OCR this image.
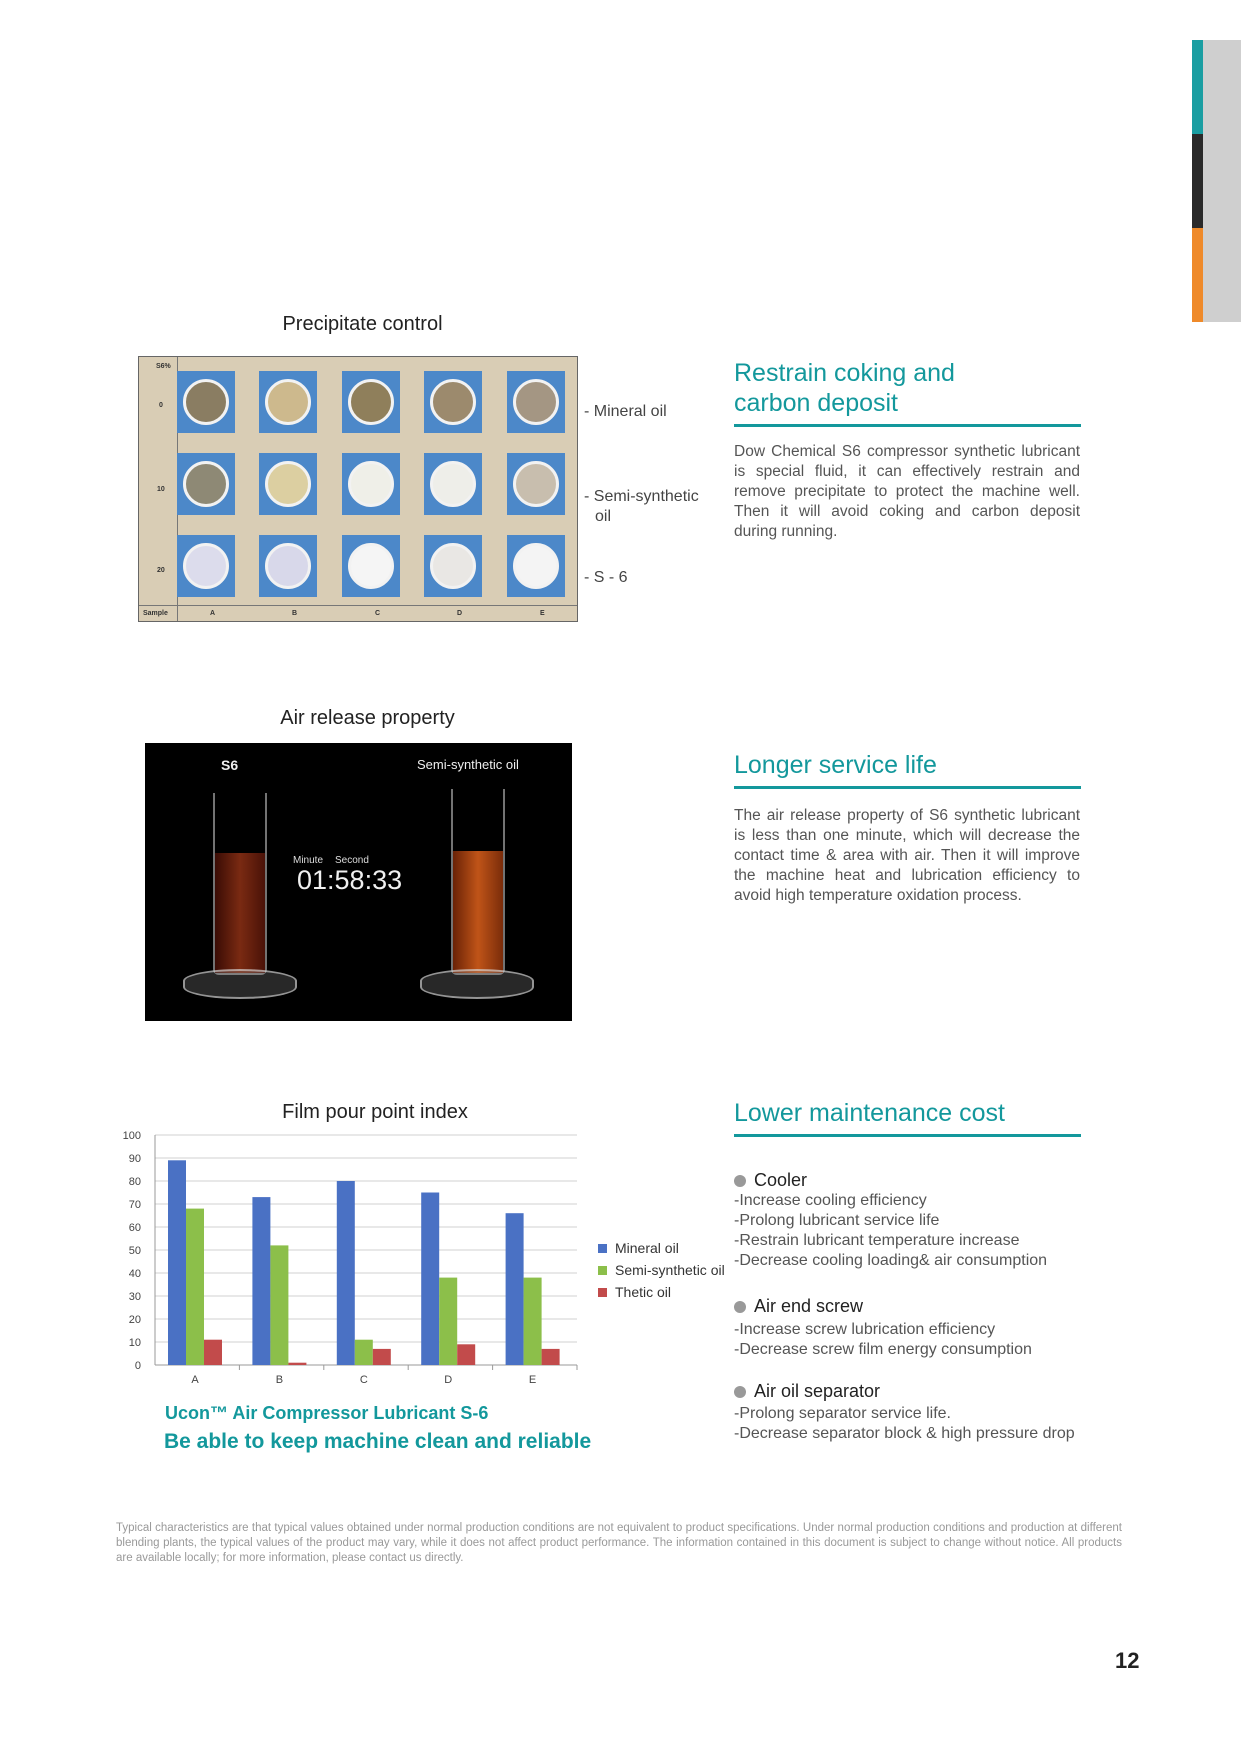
Precipitate control
S6%
0
10
20
Sample	A	B	C	D	E
- Mineral oil
- Semi-synthetic
oil
- S - 6
Restrain coking and
carbon deposit
Dow Chemical S6 compressor synthetic lubricant is special fluid, it can effectively restrain and remove precipitate to protect the machine well. Then it will avoid coking and carbon deposit during running.
Air release property
S6	Semi-synthetic oil
Minute Second
01:58:33
Longer service life
The air release property of S6 synthetic lubricant is less than one minute, which will decrease the contact time & area with air. Then it will improve the machine heat and lubrication efficiency to avoid high temperature oxidation process.
Film pour point index
0
10
20
30
40
50
60
70
80
90
100
A	B	C	D	E
Mineral oil
Semi-synthetic oil
Thetic oil
Ucon™ Air Compressor Lubricant S-6
Be able to keep machine clean and reliable
Lower maintenance cost
Cooler
-Increase cooling efficiency
-Prolong lubricant service life
-Restrain lubricant temperature increase
-Decrease cooling loading& air consumption
Air end screw
-Increase screw lubrication efficiency
-Decrease screw film energy consumption
Air oil separator
-Prolong separator service life.
-Decrease separator block & high pressure drop
Typical characteristics are that typical values obtained under normal production conditions are not equivalent to product specifications. Under normal production conditions and production at different blending plants, the typical values of the product may vary, while it does not affect product performance. The information contained in this document is subject to change without notice. All products are available locally; for more information, please contact us directly.
12
